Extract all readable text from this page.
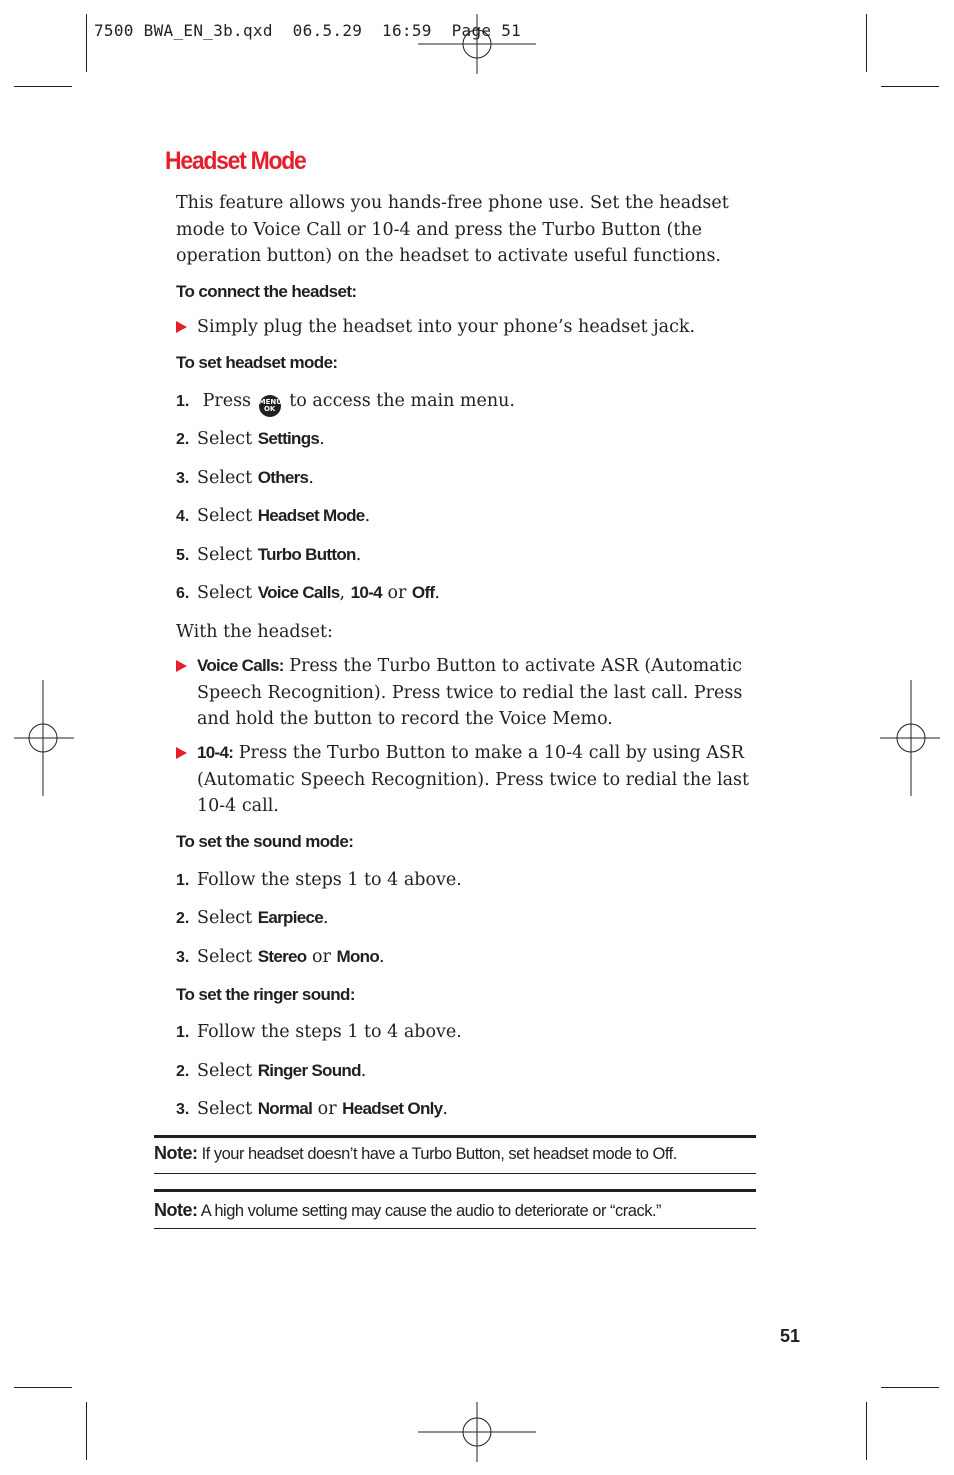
7500 BWA_EN_3b.qxd  06.5.29  16:59  Page 51
Headset Mode
This feature allows you hands-free phone use. Set the headset mode to Voice Call or 10-4 and press the Turbo Button (the operation button) on the headset to activate useful functions.
To connect the headset:
Simply plug the headset into your phone’s headset jack.
To set headset mode:
1. Press MENU
OK to access the main menu.
2. Select Settings.
3. Select Others.
4. Select Headset Mode.
5. Select Turbo Button.
6. Select Voice Calls, 10-4 or Off.
With the headset:
Voice Calls: Press the Turbo Button to activate ASR (Automatic Speech Recognition). Press twice to redial the last call. Press and hold the button to record the Voice Memo.
10-4: Press the Turbo Button to make a 10-4 call by using ASR (Automatic Speech Recognition). Press twice to redial the last 10-4 call.
To set the sound mode:
1. Follow the steps 1 to 4 above.
2. Select Earpiece.
3. Select Stereo or Mono.
To set the ringer sound:
1. Follow the steps 1 to 4 above.
2. Select Ringer Sound.
3. Select Normal or Headset Only.
Note: If your headset doesn’t have a Turbo Button, set headset mode to Off.
Note: A high volume setting may cause the audio to deteriorate or “crack.”
51
